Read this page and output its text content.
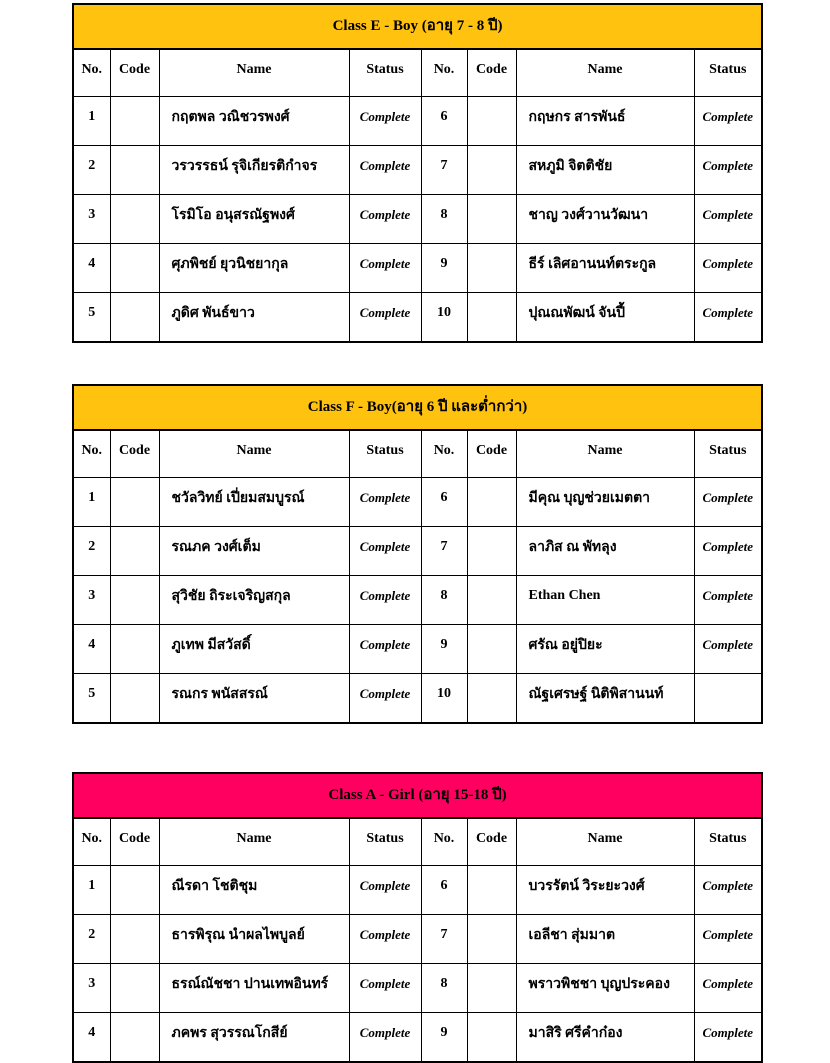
Class E - Boy (อายุ 7 - 8 ปี)							
No.	Code	Name	Status	No.	Code	Name	Status
1		กฤตพล วณิชวรพงศ์	Complete	6		กฤษกร สารพันธ์	Complete
2		วรวรรธน์ รุจิเกียรติกำจร	Complete	7		สหภูมิ จิตติชัย	Complete
3		โรมิโอ อนุสรณัฐพงศ์	Complete	8		ชาญ วงศ์วานวัฒนา	Complete
4		ศุภพิชย์ ยุวนิชยากุล	Complete	9		ธีร์ เลิศอานนท์ตระกูล	Complete
5		ภูดิศ พันธ์ขาว	Complete	10		ปุณณพัฒน์ จันปี้	Complete
Class F - Boy(อายุ 6 ปี และต่ำกว่า)							
No.	Code	Name	Status	No.	Code	Name	Status
1		ชวัลวิทย์ เปี่ยมสมบูรณ์	Complete	6		มีคุณ บุญช่วยเมตตา	Complete
2		รณภค วงศ์เต็ม	Complete	7		ลาภิส ณ พัทลุง	Complete
3		สุวิชัย ถิระเจริญสกุล	Complete	8		Ethan Chen	Complete
4		ภูเทพ มีสวัสดิ์	Complete	9		ศรัณ อยู่ปิยะ	Complete
5		รณกร พนัสสรณ์	Complete	10		ณัฐเศรษฐ์ นิติพิสานนท์	
Class A - Girl (อายุ 15-18 ปี)							
No.	Code	Name	Status	No.	Code	Name	Status
1		ณีรดา โชติชุม	Complete	6		บวรรัตน์ วิระยะวงศ์	Complete
2		ธารพิรุณ นำผลไพบูลย์	Complete	7		เอลีชา สุ่มมาต	Complete
3		ธรณ์ณัชชา ปานเทพอินทร์	Complete	8		พราวพิชชา บุญประคอง	Complete
4		ภคพร สุวรรณโกสีย์	Complete	9		มาสิริ ศรีคำก๋อง	Complete
